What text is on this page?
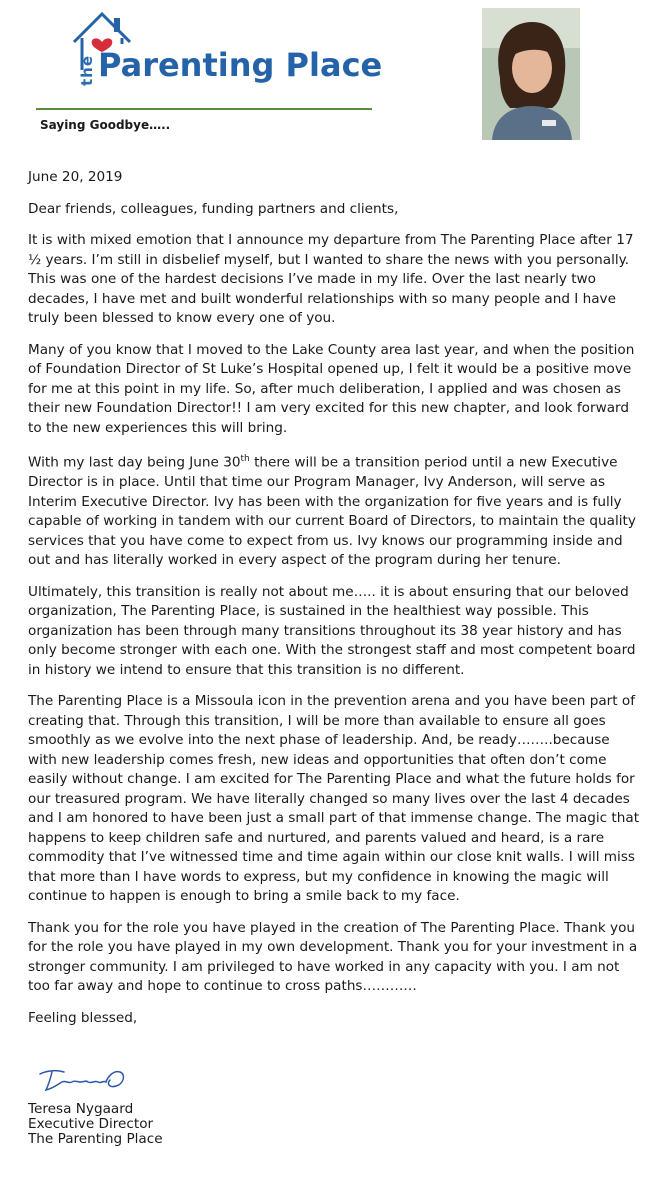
the Parenting Place
Saying Goodbye…..

June 20, 2019

Dear friends, colleagues, funding partners and clients,

It is with mixed emotion that I announce my departure from The Parenting Place after 17 ½ years. I’m still in disbelief myself, but I wanted to share the news with you personally. This was one of the hardest decisions I’ve made in my life. Over the last nearly two decades, I have met and built wonderful relationships with so many people and I have truly been blessed to know every one of you.

Many of you know that I moved to the Lake County area last year, and when the position of Foundation Director of St Luke’s Hospital opened up, I felt it would be a positive move for me at this point in my life. So, after much deliberation, I applied and was chosen as their new Foundation Director!! I am very excited for this new chapter, and look forward to the new experiences this will bring.

With my last day being June 30th there will be a transition period until a new Executive Director is in place. Until that time our Program Manager, Ivy Anderson, will serve as Interim Executive Director. Ivy has been with the organization for five years and is fully capable of working in tandem with our current Board of Directors, to maintain the quality services that you have come to expect from us. Ivy knows our programming inside and out and has literally worked in every aspect of the program during her tenure.

Ultimately, this transition is really not about me….. it is about ensuring that our beloved organization, The Parenting Place, is sustained in the healthiest way possible. This organization has been through many transitions throughout its 38 year history and has only become stronger with each one. With the strongest staff and most competent board in history we intend to ensure that this transition is no different.

The Parenting Place is a Missoula icon in the prevention arena and you have been part of creating that. Through this transition, I will be more than available to ensure all goes smoothly as we evolve into the next phase of leadership. And, be ready……..because with new leadership comes fresh, new ideas and opportunities that often don’t come easily without change. I am excited for The Parenting Place and what the future holds for our treasured program. We have literally changed so many lives over the last 4 decades and I am honored to have been just a small part of that immense change. The magic that happens to keep children safe and nurtured, and parents valued and heard, is a rare commodity that I’ve witnessed time and time again within our close knit walls. I will miss that more than I have words to express, but my confidence in knowing the magic will continue to happen is enough to bring a smile back to my face.

Thank you for the role you have played in the creation of The Parenting Place. Thank you for the role you have played in my own development. Thank you for your investment in a stronger community. I am privileged to have worked in any capacity with you. I am not too far away and hope to continue to cross paths…………

Feeling blessed,

Teresa Nygaard
Executive Director
The Parenting Place
